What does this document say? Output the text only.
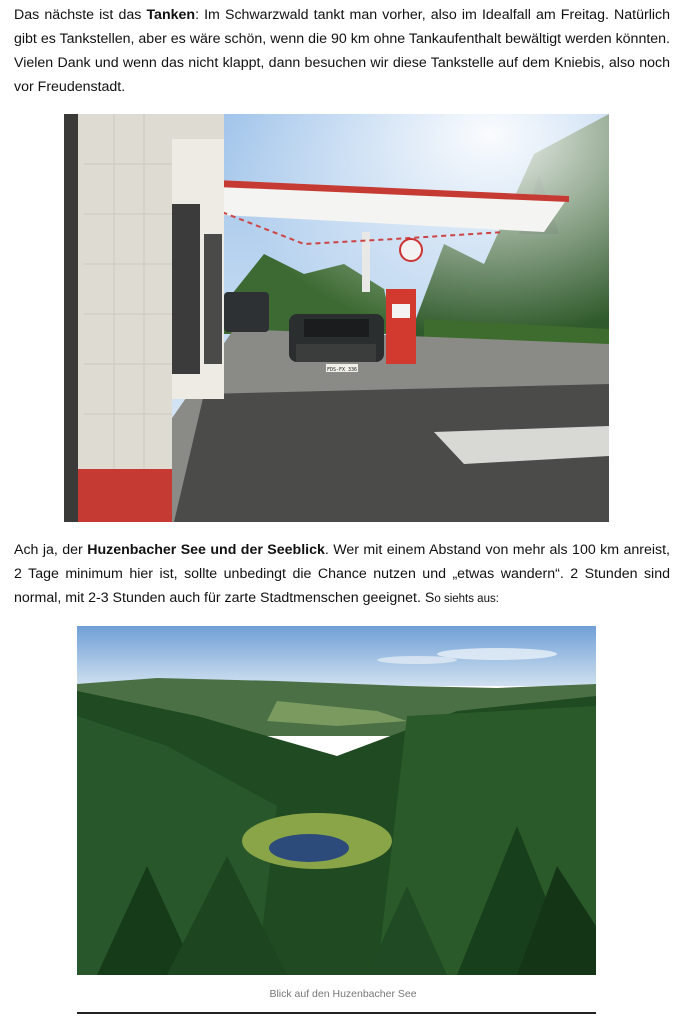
Das nächste ist das Tanken: Im Schwarzwald tankt man vorher, also im Idealfall am Freitag. Natürlich gibt es Tankstellen, aber es wäre schön, wenn die 90 km ohne Tankaufenthalt bewältigt werden könnten. Vielen Dank und wenn das nicht klappt, dann besuchen wir diese Tankstelle auf dem Kniebis, also noch vor Freudenstadt.

FDS-FX 336

Ach ja, der Huzenbacher See und der Seeblick. Wer mit einem Abstand von mehr als 100 km anreist, 2 Tage minimum hier ist, sollte unbedingt die Chance nutzen und „etwas wandern“. 2 Stunden sind normal, mit 2-3 Stunden auch für zarte Stadtmenschen geeignet. So siehts aus:

Blick auf den Huzenbacher See
